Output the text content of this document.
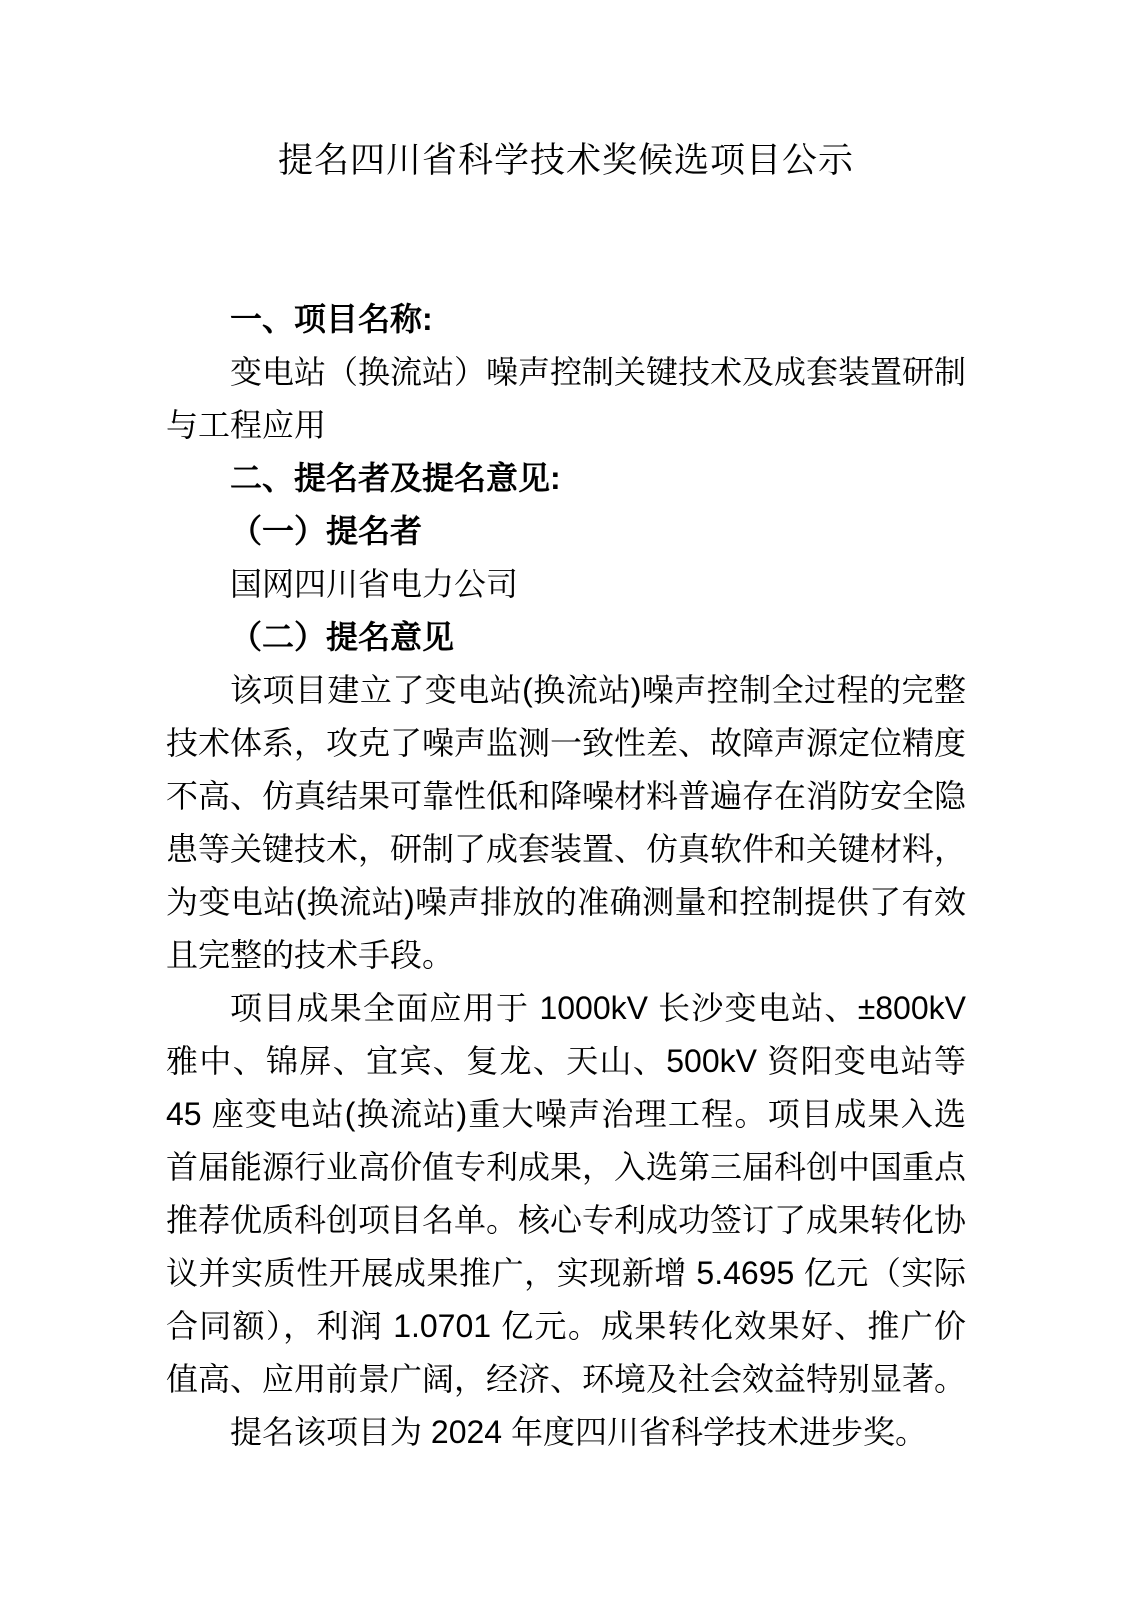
提名四川省科学技术奖候选项目公示

一、项目名称:

变电站（换流站）噪声控制关键技术及成套装置研制与工程应用

二、提名者及提名意见:

（一）提名者

国网四川省电力公司

（二）提名意见

该项目建立了变电站(换流站)噪声控制全过程的完整技术体系，攻克了噪声监测一致性差、故障声源定位精度不高、仿真结果可靠性低和降噪材料普遍存在消防安全隐患等关键技术，研制了成套装置、仿真软件和关键材料，为变电站(换流站)噪声排放的准确测量和控制提供了有效且完整的技术手段。

项目成果全面应用于 1000kV 长沙变电站、±800kV 雅中、锦屏、宜宾、复龙、天山、500kV 资阳变电站等 45 座变电站(换流站)重大噪声治理工程。项目成果入选首届能源行业高价值专利成果，入选第三届科创中国重点推荐优质科创项目名单。核心专利成功签订了成果转化协议并实质性开展成果推广，实现新增 5.4695 亿元（实际合同额），利润 1.0701 亿元。成果转化效果好、推广价值高、应用前景广阔，经济、环境及社会效益特别显著。

提名该项目为 2024 年度四川省科学技术进步奖。
